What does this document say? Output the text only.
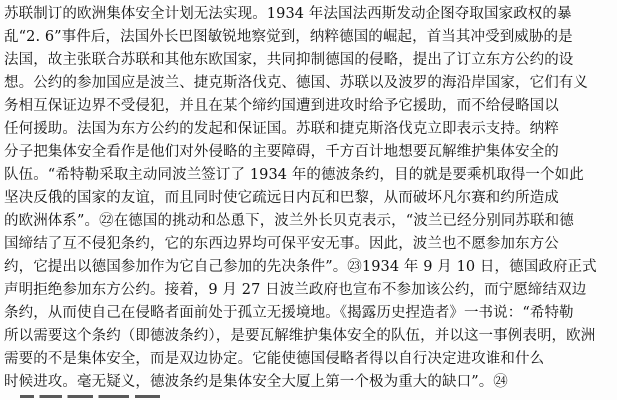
苏联制订的欧洲集体安全计划无法实现。1934 年法国法西斯发动企图夺取国家政权的暴
乱“2. 6”事件后，法国外长巴图敏锐地察觉到，纳粹德国的崛起，首当其冲受到威胁的是
法国，故主张联合苏联和其他东欧国家，共同抑制德国的侵略，提出了订立东方公约的设
想。公约的参加国应是波兰、捷克斯洛伐克、德国、苏联以及波罗的海沿岸国家，它们有义
务相互保证边界不受侵犯，并且在某个缔约国遭到进攻时给予它援助，而不给侵略国以
任何援助。法国为东方公约的发起和保证国。苏联和捷克斯洛伐克立即表示支持。纳粹
分子把集体安全看作是他们对外侵略的主要障碍，千方百计地想要瓦解维护集体安全的
队伍。“希特勒采取主动同波兰签订了 1934 年的德波条约，目的就是要乘机取得一个如此
坚决反俄的国家的友谊，而且同时使它疏远日内瓦和巴黎，从而破坏凡尔赛和约所造成
的欧洲体系”。㉒在德国的挑动和怂恿下，波兰外长贝克表示，“波兰已经分别同苏联和德
国缔结了互不侵犯条约，它的东西边界均可保平安无事。因此，波兰也不愿参加东方公
约，它提出以德国参加作为它自己参加的先决条件”。㉓1934 年 9 月 10 日，德国政府正式
声明拒绝参加东方公约。接着，9 月 27 日波兰政府也宣布不参加该公约，而宁愿缔结双边
条约，从而使自己在侵略者面前处于孤立无援境地。《揭露历史捏造者》一书说：“希特勒
所以需要这个条约（即德波条约），是要瓦解维护集体安全的队伍，并以这一事例表明，欧洲
需要的不是集体安全，而是双边协定。它能使德国侵略者得以自行决定进攻谁和什么
时候进攻。毫无疑义，德波条约是集体安全大厦上第一个极为重大的缺口”。㉔
